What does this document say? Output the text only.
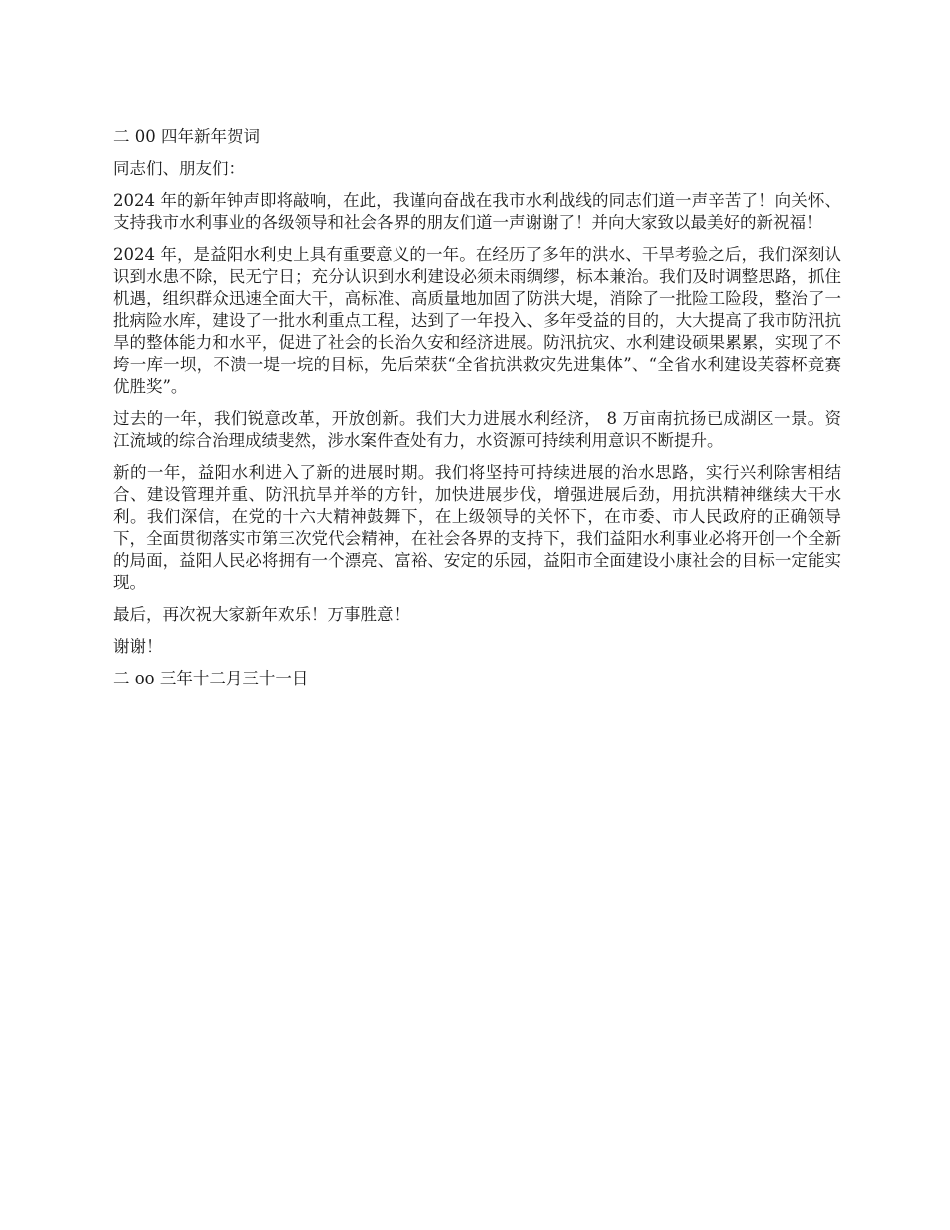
二 00 四年新年贺词

同志们、朋友们：

2024 年的新年钟声即将敲响，在此，我谨向奋战在我市水利战线的同志们道一声辛苦了！向关怀、支持我市水利事业的各级领导和社会各界的朋友们道一声谢谢了！并向大家致以最美好的新祝福！

2024 年，是益阳水利史上具有重要意义的一年。在经历了多年的洪水、干旱考验之后，我们深刻认识到水患不除，民无宁日；充分认识到水利建设必须未雨绸缪，标本兼治。我们及时调整思路，抓住机遇，组织群众迅速全面大干，高标准、高质量地加固了防洪大堤，消除了一批险工险段，整治了一批病险水库，建设了一批水利重点工程，达到了一年投入、多年受益的目的，大大提高了我市防汛抗旱的整体能力和水平，促进了社会的长治久安和经济进展。防汛抗灾、水利建设硕果累累，实现了不垮一库一坝，不溃一堤一垸的目标，先后荣获“全省抗洪救灾先进集体”、“全省水利建设芙蓉杯竞赛优胜奖”。

过去的一年，我们锐意改革，开放创新。我们大力进展水利经济， 8 万亩南抗扬已成湖区一景。资江流域的综合治理成绩斐然，涉水案件查处有力，水资源可持续利用意识不断提升。

新的一年，益阳水利进入了新的进展时期。我们将坚持可持续进展的治水思路，实行兴利除害相结合、建设管理并重、防汛抗旱并举的方针，加快进展步伐，增强进展后劲，用抗洪精神继续大干水利。我们深信，在党的十六大精神鼓舞下，在上级领导的关怀下，在市委、市人民政府的正确领导下，全面贯彻落实市第三次党代会精神，在社会各界的支持下，我们益阳水利事业必将开创一个全新的局面，益阳人民必将拥有一个漂亮、富裕、安定的乐园，益阳市全面建设小康社会的目标一定能实现。

最后，再次祝大家新年欢乐！万事胜意！

谢谢！

二 oo 三年十二月三十一日
